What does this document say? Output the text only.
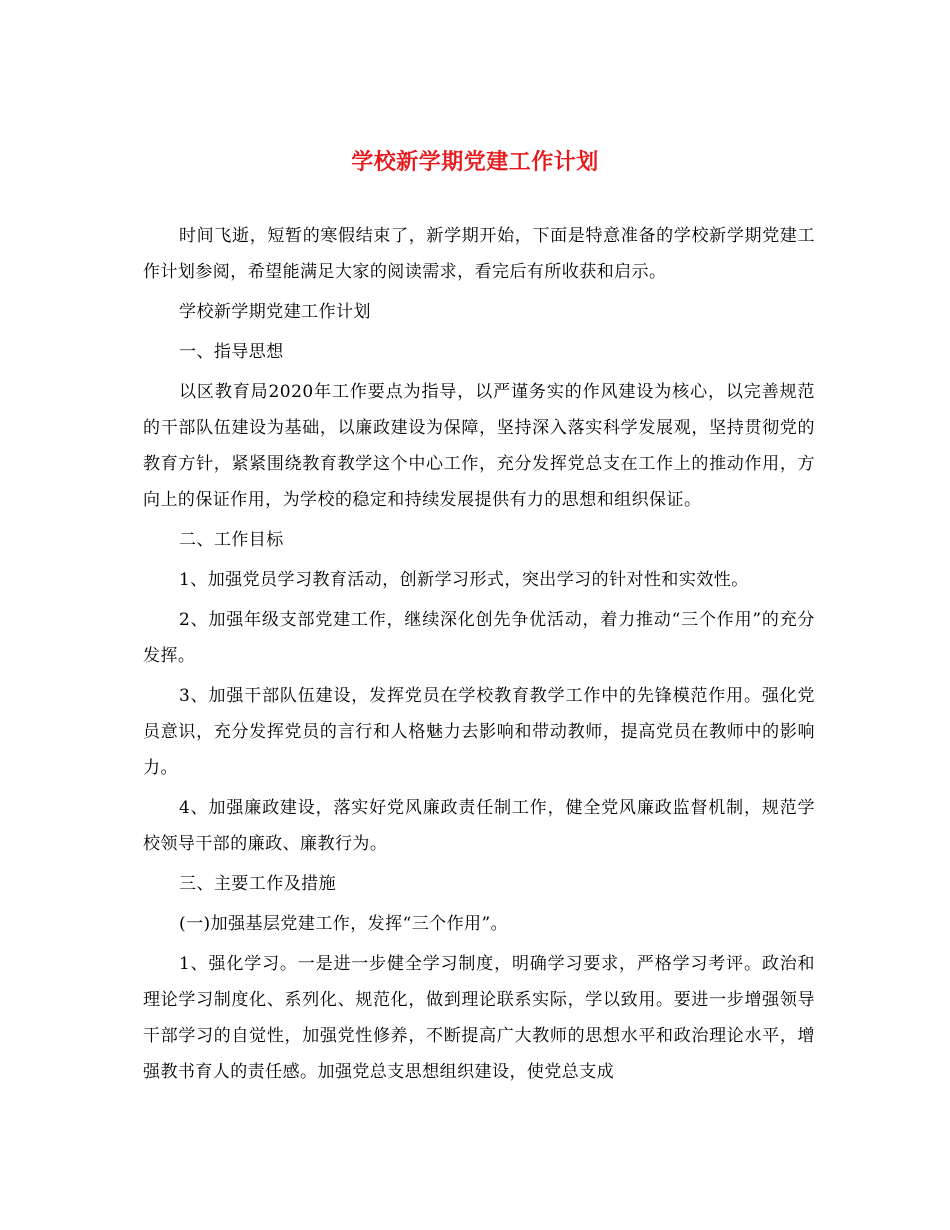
学校新学期党建工作计划

时间飞逝，短暂的寒假结束了，新学期开始，下面是特意准备的学校新学期党建工作计划参阅，希望能满足大家的阅读需求，看完后有所收获和启示。

学校新学期党建工作计划

一、指导思想

以区教育局2020年工作要点为指导，以严谨务实的作风建设为核心，以完善规范的干部队伍建设为基础，以廉政建设为保障，坚持深入落实科学发展观，坚持贯彻党的教育方针，紧紧围绕教育教学这个中心工作，充分发挥党总支在工作上的推动作用，方向上的保证作用，为学校的稳定和持续发展提供有力的思想和组织保证。

二、工作目标

1、加强党员学习教育活动，创新学习形式，突出学习的针对性和实效性。

2、加强年级支部党建工作，继续深化创先争优活动，着力推动“三个作用”的充分发挥。

3、加强干部队伍建设，发挥党员在学校教育教学工作中的先锋模范作用。强化党员意识，充分发挥党员的言行和人格魅力去影响和带动教师，提高党员在教师中的影响力。

4、加强廉政建设，落实好党风廉政责任制工作，健全党风廉政监督机制，规范学校领导干部的廉政、廉教行为。

三、主要工作及措施

(一)加强基层党建工作，发挥“三个作用”。

1、强化学习。一是进一步健全学习制度，明确学习要求，严格学习考评。政治和理论学习制度化、系列化、规范化，做到理论联系实际，学以致用。要进一步增强领导干部学习的自觉性，加强党性修养，不断提高广大教师的思想水平和政治理论水平，增强教书育人的责任感。加强党总支思想组织建设，使党总支成
